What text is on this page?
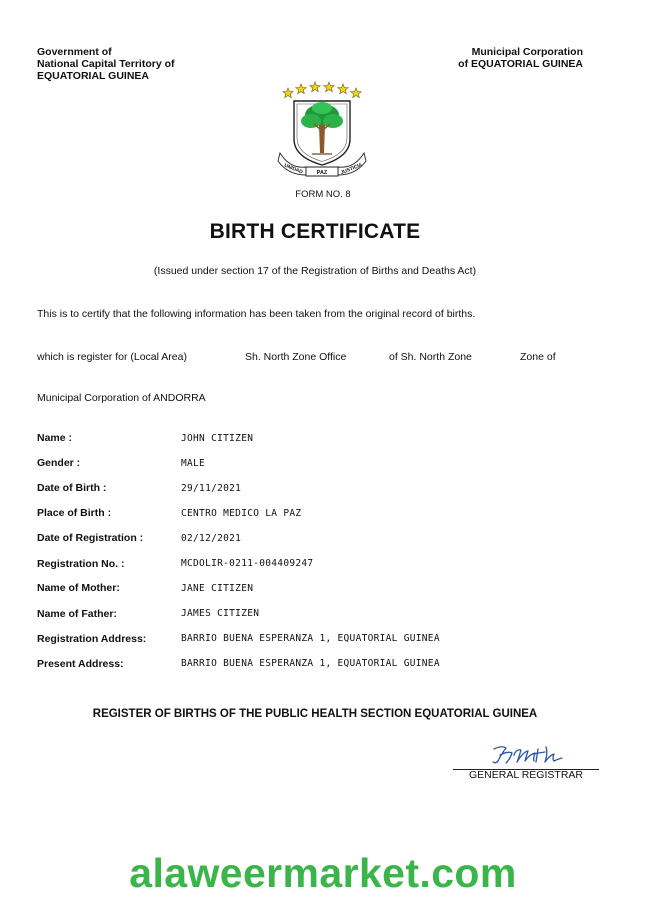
Government of
National Capital Territory of
EQUATORIAL GUINEA
Municipal Corporation
of EQUATORIAL GUINEA
UNIDAD PAZ	JUSTICIA
FORM NO. 8
BIRTH CERTIFICATE
(Issued under section 17 of the Registration of Births and Deaths Act)
This is to certify that the following information has been taken from the original record of births.
which is register for (Local Area)	Sh. North Zone Office	of Sh. North Zone	Zone of
Municipal Corporation of ANDORRA
Name :	JOHN CITIZEN
Gender :	MALE
Date of Birth :	29/11/2021
Place of Birth :	CENTRO MEDICO LA PAZ
Date of Registration :	02/12/2021
Registration No. :	MCDOLIR-0211-004409247
Name of Mother:	JANE CITIZEN
Name of Father:	JAMES CITIZEN
Registration Address:	BARRIO BUENA ESPERANZA 1, EQUATORIAL GUINEA
Present Address:	BARRIO BUENA ESPERANZA 1, EQUATORIAL GUINEA
REGISTER OF BIRTHS OF THE PUBLIC HEALTH SECTION EQUATORIAL GUINEA
GENERAL REGISTRAR
alaweermarket.com
